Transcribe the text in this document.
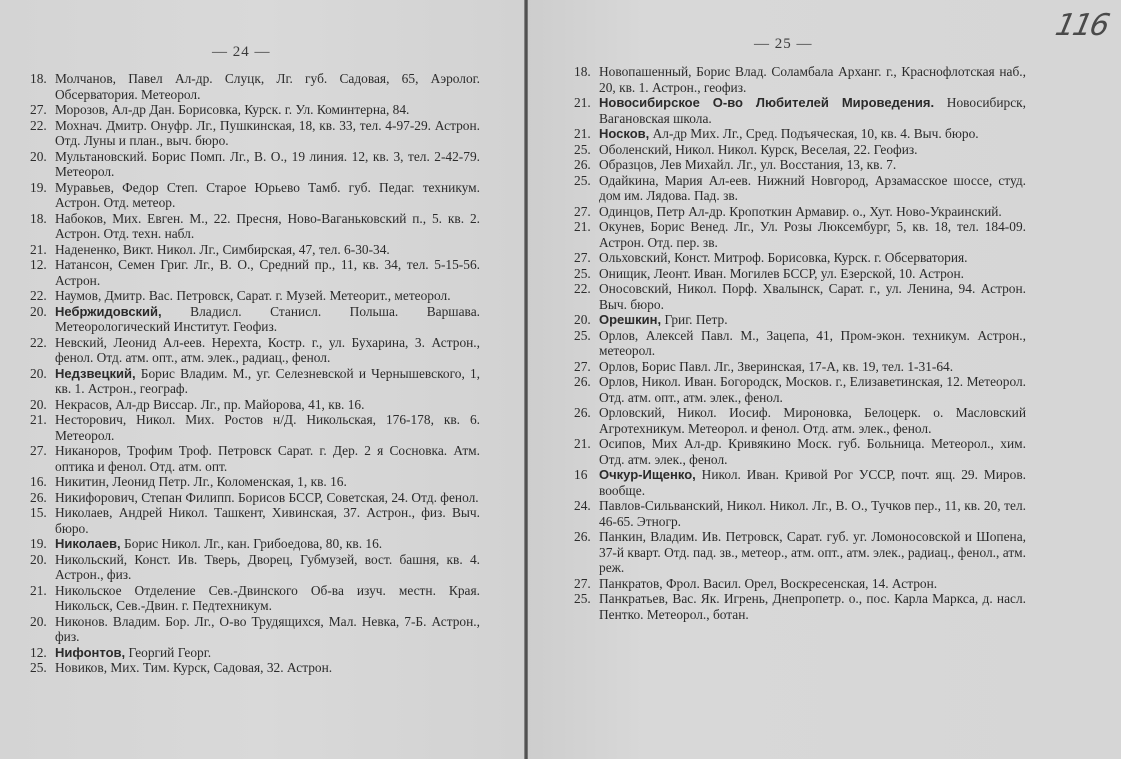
— 24 —
18. Молчанов, Павел Ал-др. Слуцк, Лг. губ. Садовая, 65, Аэролог. Обсерватория. Метеорол.
27. Морозов, Ал-др Дан. Борисовка, Курск. г. Ул. Коминтерна, 84.
22. Мохнач. Дмитр. Онуфр. Лг., Пушкинская, 18, кв. 33, тел. 4-97-29. Астрон. Отд. Луны и план., выч. бюро.
20. Мультановский. Борис Помп. Лг., В. О., 19 линия. 12, кв. 3, тел. 2-42-79. Метеорол.
19. Муравьев, Федор Степ. Старое Юрьево Тамб. губ. Педаг. техникум. Астрон. Отд. метеор.
18. Набоков, Мих. Евген. М., 22. Пресня, Ново-Ваганьковский п., 5. кв. 2. Астрон. Отд. техн. набл.
21. Надененко, Викт. Никол. Лг., Симбирская, 47, тел. 6-30-34.
12. Натансон, Семен Григ. Лг., В. О., Средний пр., 11, кв. 34, тел. 5-15-56. Астрон.
22. Наумов, Дмитр. Вас. Петровск, Сарат. г. Музей. Метеорит., метеорол.
20. Небржидовский, Владисл. Станисл. Польша. Варшава. Метеорологический Институт. Геофиз.
22. Невский, Леонид Ал-еев. Нерехта, Костр. г., ул. Бухарина, 3. Астрон., фенол. Отд. атм. опт., атм. элек., радиац., фенол.
20. Недзвецкий, Борис Владим. М., уг. Селезневской и Чернышевского, 1, кв. 1. Астрон., географ.
20. Некрасов, Ал-др Виссар. Лг., пр. Майорова, 41, кв. 16.
21. Несторович, Никол. Мих. Ростов н/Д. Никольская, 176-178, кв. 6. Метеорол.
27. Никаноров, Трофим Троф. Петровск Сарат. г. Дер. 2 я Сосновка. Атм. оптика и фенол. Отд. атм. опт.
16. Никитин, Леонид Петр. Лг., Коломенская, 1, кв. 16.
26. Никифорович, Степан Филипп. Борисов БССР, Советская, 24. Отд. фенол.
15. Николаев, Андрей Никол. Ташкент, Хивинская, 37. Астрон., физ. Выч. бюро.
19. Николаев, Борис Никол. Лг., кан. Грибоедова, 80, кв. 16.
20. Никольский, Конст. Ив. Тверь, Дворец, Губмузей, вост. башня, кв. 4. Астрон., физ.
21. Никольское Отделение Сев.-Двинского Об-ва изуч. местн. Края. Никольск, Сев.-Двин. г. Педтехникум.
20. Никонов. Владим. Бор. Лг., О-во Трудящихся, Мал. Невка, 7-Б. Астрон., физ.
12. Нифонтов, Георгий Георг.
25. Новиков, Мих. Тим. Курск, Садовая, 32. Астрон.
— 25 —
116
18. Новопашенный, Борис Влад. Соламбала Арханг. г., Краснофлотская наб., 20, кв. 1. Астрон., геофиз.
21. Новосибирское О-во Любителей Мироведения. Новосибирск, Вагановская школа.
21. Носков, Ал-др Мих. Лг., Сред. Подъяческая, 10, кв. 4. Выч. бюро.
25. Оболенский, Никол. Никол. Курск, Веселая, 22. Геофиз.
26. Образцов, Лев Михайл. Лг., ул. Восстания, 13, кв. 7.
25. Одайкина, Мария Ал-еев. Нижний Новгород, Арзамасское шоссе, студ. дом им. Лядова. Пад. зв.
27. Одинцов, Петр Ал-др. Кропоткин Армавир. о., Хут. Ново-Украинский.
21. Окунев, Борис Венед. Лг., Ул. Розы Люксембург, 5, кв. 18, тел. 184-09. Астрон. Отд. пер. зв.
27. Ольховский, Конст. Митроф. Борисовка, Курск. г. Обсерватория.
25. Онищик, Леонт. Иван. Могилев БССР, ул. Езерской, 10. Астрон.
22. Оносовский, Никол. Порф. Хвалынск, Сарат. г., ул. Ленина, 94. Астрон. Выч. бюро.
20. Орешкин, Григ. Петр.
25. Орлов, Алексей Павл. М., Зацепа, 41, Пром-экон. техникум. Астрон., метеорол.
27. Орлов, Борис Павл. Лг., Зверинская, 17-А, кв. 19, тел. 1-31-64.
26. Орлов, Никол. Иван. Богородск, Москов. г., Елизаветинская, 12. Метеорол. Отд. атм. опт., атм. элек., фенол.
26. Орловский, Никол. Иосиф. Мироновка, Белоцерк. о. Масловский Агротехникум. Метеорол. и фенол. Отд. атм. элек., фенол.
21. Осипов, Мих Ал-др. Кривякино Моск. губ. Больница. Метеорол., хим. Отд. атм. элек., фенол.
16 Очкур-Ищенко, Никол. Иван. Кривой Рог УССР, почт. ящ. 29. Миров. вообще.
24. Павлов-Сильванский, Никол. Никол. Лг., В. О., Тучков пер., 11, кв. 20, тел. 46-65. Этногр.
26. Панкин, Владим. Ив. Петровск, Сарат. губ. уг. Ломоносовской и Шопена, 37-й кварт. Отд. пад. зв., метеор., атм. опт., атм. элек., радиац., фенол., атм. реж.
27. Панкратов, Фрол. Васил. Орел, Воскресенская, 14. Астрон.
25. Панкратьев, Вас. Як. Игрень, Днепропетр. о., пос. Карла Маркса, д. насл. Пентко. Метеорол., ботан.
